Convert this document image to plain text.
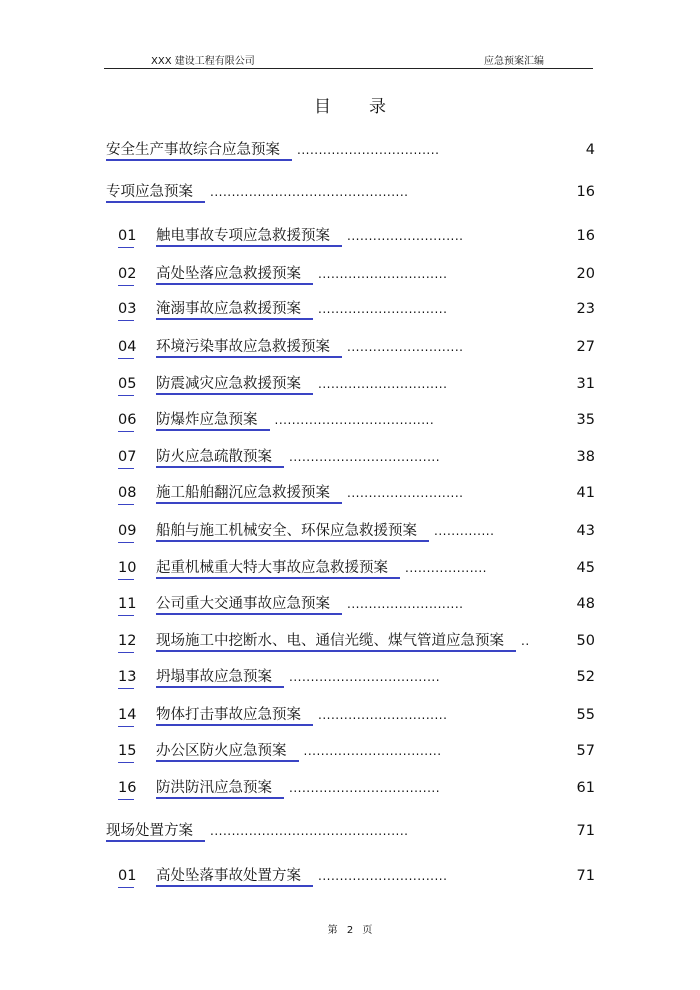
XXX 建设工程有限公司	应急预案汇编
目录
安全生产事故综合应急预案 .................................	4
专项应急预案 ..............................................	16
01 触电事故专项应急救援预案 ...........................	16
02 高处坠落应急救援预案 ..............................	20
03 淹溺事故应急救援预案 ..............................	23
04 环境污染事故应急救援预案 ...........................	27
05 防震减灾应急救援预案 ..............................	31
06 防爆炸应急预案 .....................................	35
07 防火应急疏散预案 ...................................	38
08 施工船舶翻沉应急救援预案 ...........................	41
09 船舶与施工机械安全、环保应急救援预案 ..............	43
10 起重机械重大特大事故应急救援预案 ...................	45
11 公司重大交通事故应急预案 ...........................	48
12 现场施工中挖断水、电、通信光缆、煤气管道应急预案 ..	50
13 坍塌事故应急预案 ...................................	52
14 物体打击事故应急预案 ..............................	55
15 办公区防火应急预案 ................................	57
16 防洪防汛应急预案 ...................................	61
现场处置方案 ..............................................	71
01 高处坠落事故处置方案 ..............................	71
第 2 页
